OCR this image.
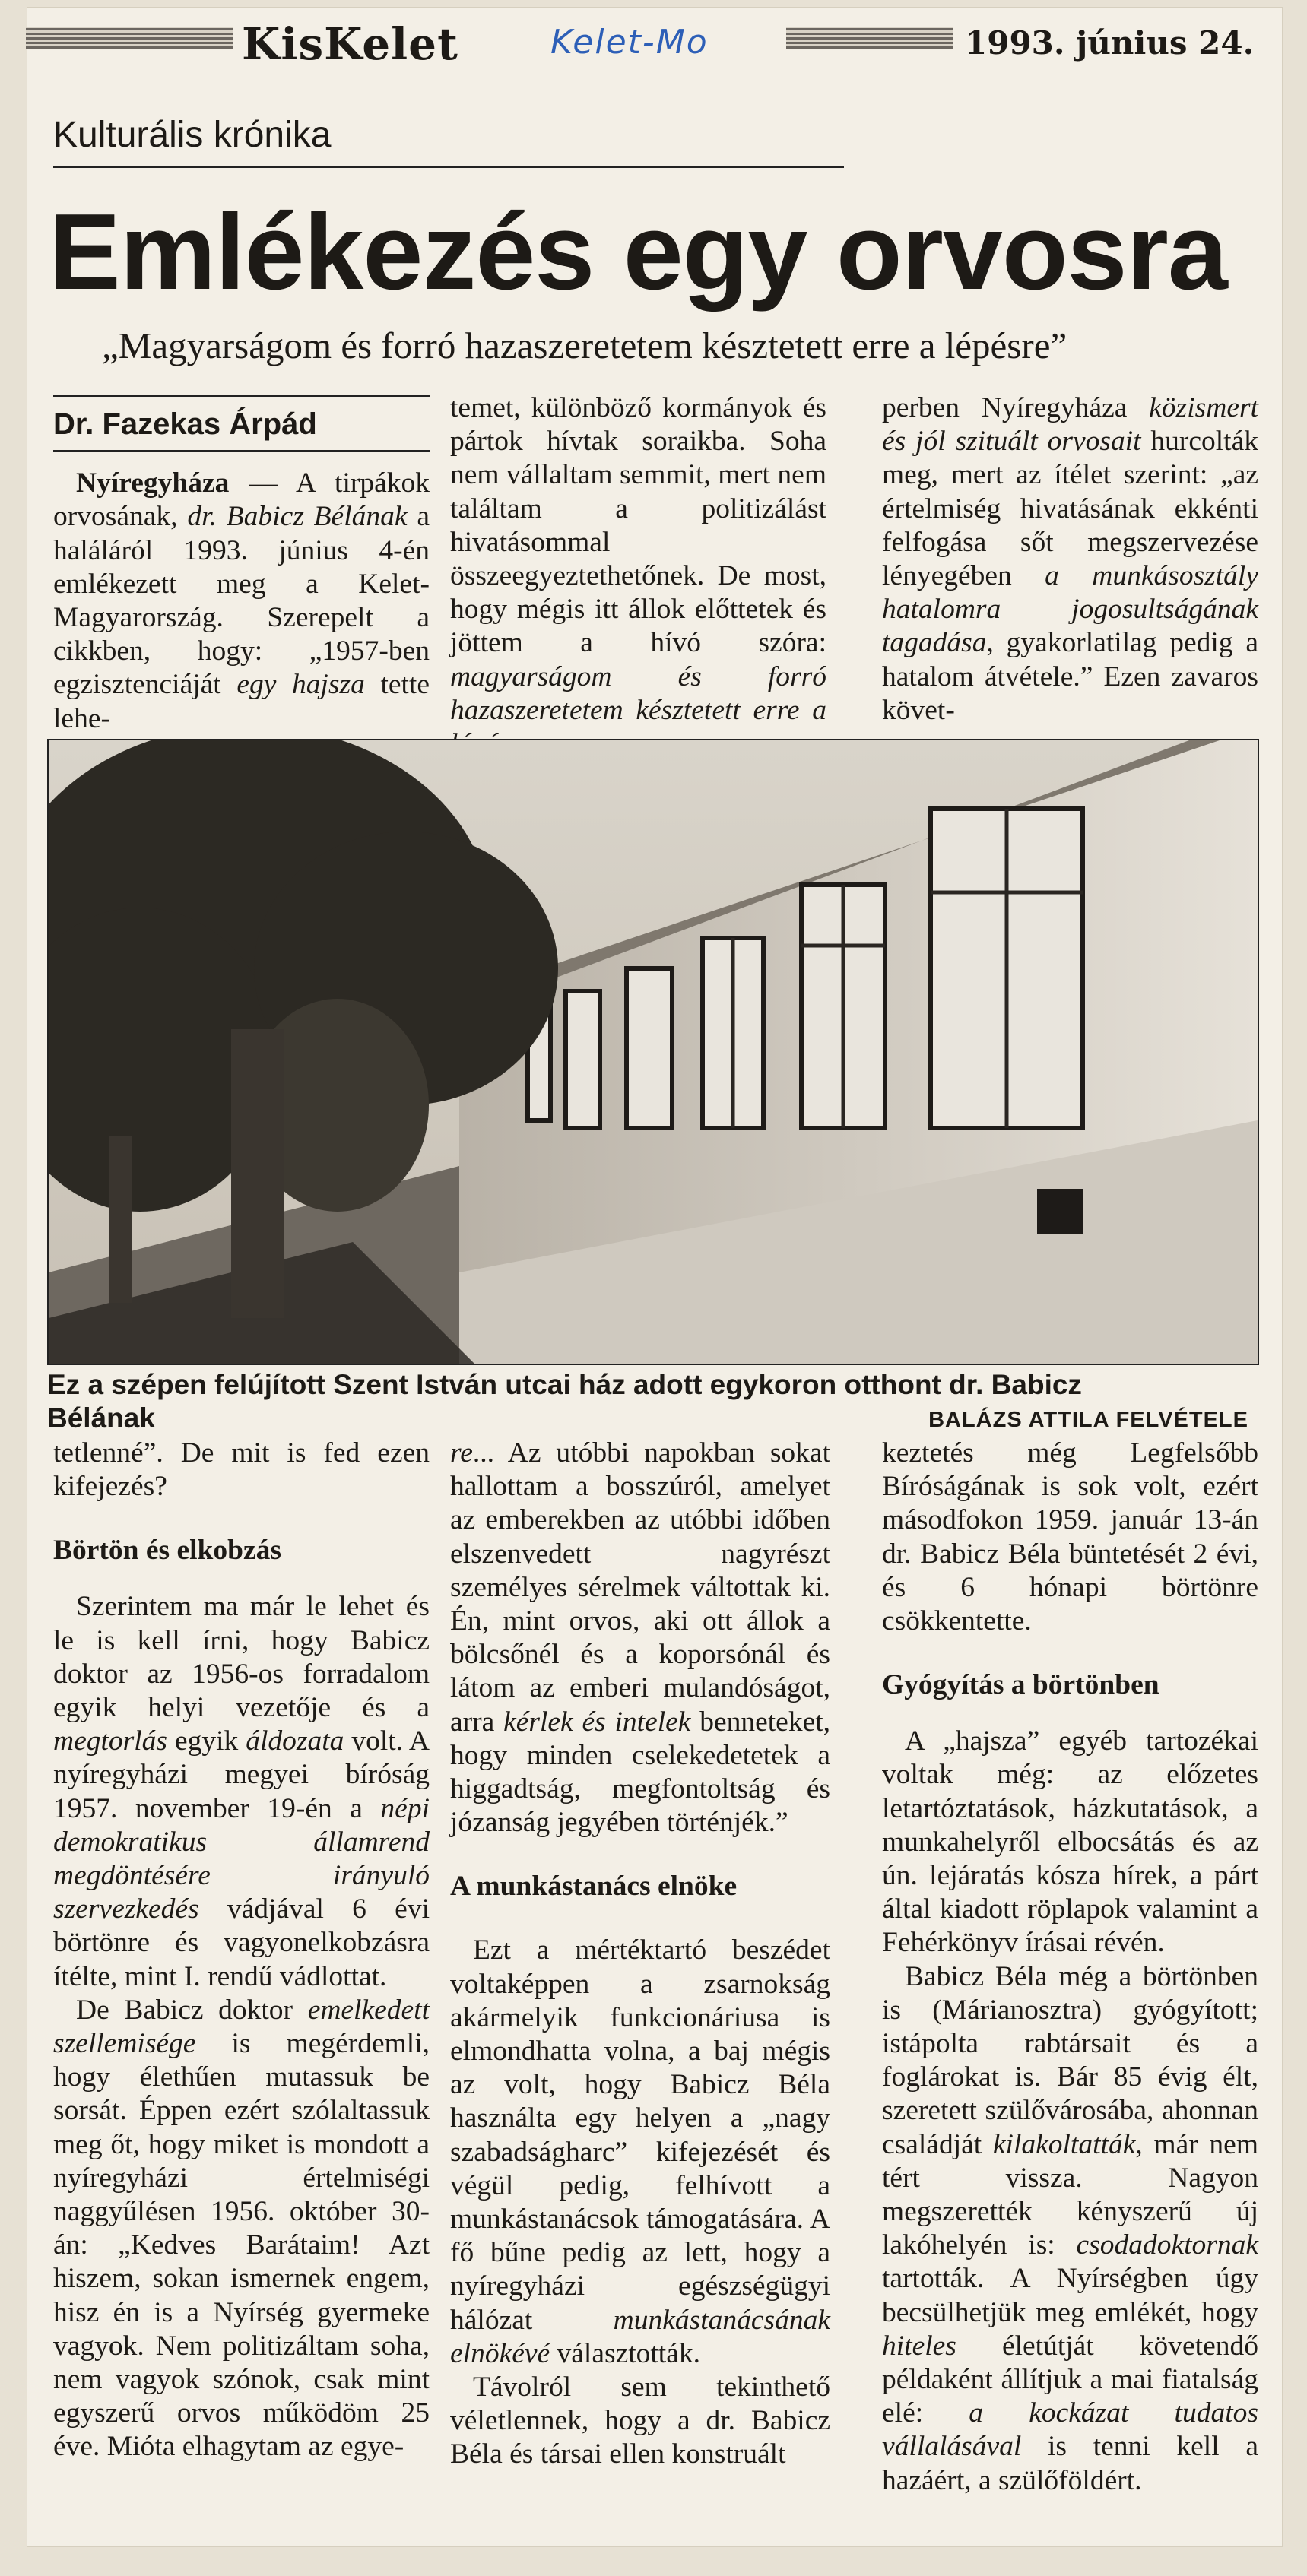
KisKelet	Kelet-Mo	1993. június 24.
Kulturális krónika
Emlékezés egy orvosra
„Magyarságom és forró hazaszeretetem késztetett erre a lépésre”
Dr. Fazekas Árpád

Nyíregyháza — A tirpákok orvosának, dr. Babicz Bélának a haláláról 1993. június 4-én emlékezett meg a Kelet-Magyarország. Szerepelt a cikkben, hogy: „1957-ben egzisztenciáját egy hajsza tette lehe-

temet, különböző kormányok és pártok hívtak soraikba. Soha nem vállaltam semmit, mert nem találtam a politizálást hivatásommal összeegyeztethetőnek. De most, hogy mégis itt állok előttetek és jöttem a hívó szóra: magyarságom és forró hazaszeretetem késztetett erre a

perben Nyíregyháza közismert és jól szituált orvosait hurcolták meg, mert az ítélet szerint: „az értelmiség hivatásának ekkénti felfogása sőt megszervezése lényegében a munkásosztály hatalomra jogosultságának tagadása, gyakorlatilag pedig a hatalom átvétele.” Ezen zavaros követ-

Ez a szépen felújított Szent István utcai ház adott egykoron otthont dr. Babicz Bélának	BALÁZS ATTILA FELVÉTELE

tetlenné”. De mit is fed ezen kifejezés?

Börtön és elkobzás

Szerintem ma már le lehet és le is kell írni, hogy Babicz doktor az 1956-os forradalom egyik helyi vezetője és a megtorlás egyik áldozata volt. A nyíregyházi megyei bíróság 1957. november 19-én a népi demokratikus államrend megdöntésére irányuló szervezkedés vádjával 6 évi börtönre és vagyonelkobzásra ítélte, mint I. rendű vádlottat.

De Babicz doktor emelkedett szellemisége is megérdemli, hogy élethűen mutassuk be sorsát. Éppen ezért szólaltassuk meg őt, hogy miket is mondott a nyíregyházi értelmiségi naggyűlésen 1956. október 30-án: „Kedves Barátaim! Azt hiszem, sokan ismernek engem, hisz én is a Nyírség gyermeke vagyok. Nem politizáltam soha, nem vagyok szónok, csak mint egyszerű orvos működöm 25 éve. Mióta elhagytam az egye-

re... Az utóbbi napokban sokat hallottam a bosszúról, amelyet az emberekben az utóbbi időben elszenvedett nagyrészt személyes sérelmek váltottak ki. Én, mint orvos, aki ott állok a bölcsőnél és a koporsónál és látom az emberi mulandóságot, arra kérlek és intelek benneteket, hogy minden cselekedetetek a higgadtság, megfontoltság és józanság jegyében történjék.”

A munkástanács elnöke

Ezt a mértéktartó beszédet voltaképpen a zsarnokság akármelyik funkcionáriusa is elmondhatta volna, a baj mégis az volt, hogy Babicz Béla használta egy helyen a „nagy szabadságharc” kifejezését és végül pedig, felhívott a munkástanácsok támogatására. A fő bűne pedig az lett, hogy a nyíregyházi egészségügyi hálózat munkástanácsának elnökévé választották.

Távolról sem tekinthető véletlennek, hogy a dr. Babicz Béla és társai ellen konstruált

keztetés még Legfelsőbb Bíróságának is sok volt, ezért másodfokon 1959. január 13-án dr. Babicz Béla büntetését 2 évi, és 6 hónapi börtönre csökkentette.

Gyógyítás a börtönben

A „hajsza” egyéb tartozékai voltak még: az előzetes letartóztatások, házkutatások, a munkahelyről elbocsátás és az ún. lejáratás kósza hírek, a párt által kiadott röplapok valamint a Fehérkönyv írásai révén.

Babicz Béla még a börtönben is (Márianosztra) gyógyított; istápolta rabtársait és a foglárokat is. Bár 85 évig élt, szeretett szülővárosába, ahonnan családját kilakoltatták, már nem tért vissza. Nagyon megszerették kényszerű új lakóhelyén is: csodadoktornak tartották. A Nyírségben úgy becsülhetjük meg emlékét, hogy hiteles életútját követendő példaként állítjuk a mai fiatalság elé: a kockázat tudatos vállalásával is tenni kell a hazáért, a szülőföldért.
